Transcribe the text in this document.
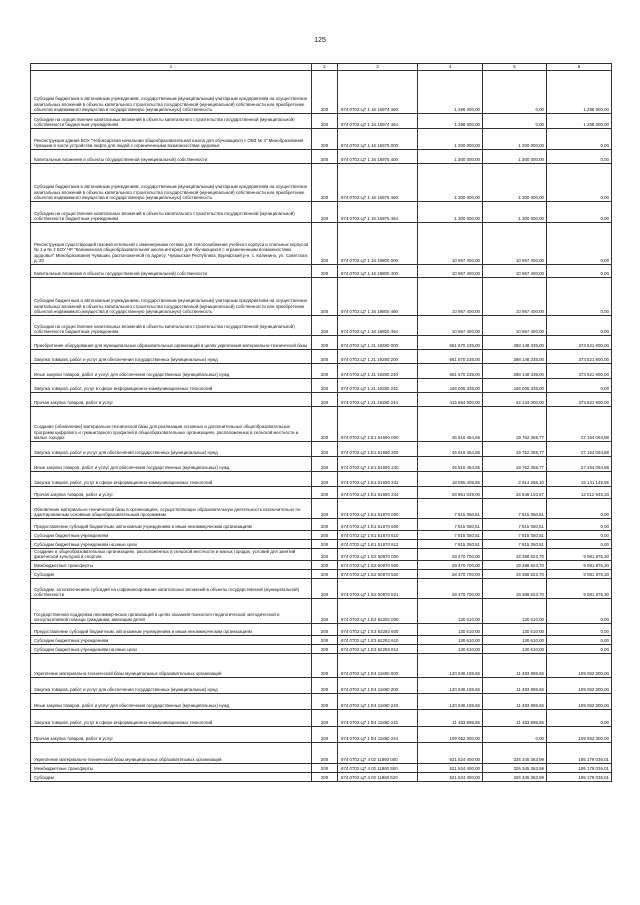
125
1	2	3	4	5	6
Субсидии бюджетным и автономным учреждениям, государственным (муниципальным) унитарным предприятиям на осуществление капитальных вложений в объекты капитального строительства государственной (муниципальной) собственности или приобретение объектов недвижимого имущества в государственную (муниципальную) собственность	200	874 0702 Ц7 1 16 15974 460	1 298 000,00	0,00	1 298 000,00
Субсидии на осуществление капитальных вложений в объекты капитального строительства государственной (муниципальной) собственности бюджетным учреждениям	200	874 0702 Ц7 1 16 15974 464	1 298 000,00	0,00	1 298 000,00
Реконструкция здания БОУ "Чебоксарская начальная общеобразовательная школа для обучающихся с ОВЗ № 3" Минобразования Чувашии в части устройства лифта для людей с ограниченными возможностями здоровья	200	874 0702 Ц7 1 16 15975 000	1 300 000,00	1 300 000,00	0,00
Капитальные вложения в объекты государственной (муниципальной) собственности	200	874 0702 Ц7 1 16 15975 400	1 300 000,00	1 300 000,00	0,00
Субсидии бюджетным и автономным учреждениям, государственным (муниципальным) унитарным предприятиям на осуществление капитальных вложений в объекты капитального строительства государственной (муниципальной) собственности или приобретение объектов недвижимого имущества в государственную (муниципальную) собственность	200	874 0702 Ц7 1 16 15975 460	1 300 000,00	1 300 000,00	0,00
Субсидии на осуществление капитальных вложений в объекты капитального строительства государственной (муниципальной) собственности бюджетным учреждениям	200	874 0702 Ц7 1 16 15975 464	1 300 000,00	1 300 000,00	0,00
Реконструкция существующей газовой котельной с инженерными сетями для теплоснабжения учебного корпуса и спальных корпусов № 1 и № 2 БОУ ЧР "Калининская общеобразовательная школа-интернат для обучающихся с ограниченными возможностями здоровья" Минобразования Чувашии, расположенной по адресу: Чувашская Республика, Вурнарский р-н, с. Калинино, ул. Советская, д. 20	200	874 0702 Ц7 1 16 19800 000	10 967 400,00	10 967 400,00	0,00
Капитальные вложения в объекты государственной (муниципальной) собственности	200	874 0702 Ц7 1 16 19800 400	10 967 400,00	10 967 400,00	0,00
Субсидии бюджетным и автономным учреждениям, государственным (муниципальным) унитарным предприятиям на осуществление капитальных вложений в объекты капитального строительства государственной (муниципальной) собственности или приобретение объектов недвижимого имущества в государственную (муниципальную) собственность	200	874 0702 Ц7 1 16 19800 460	10 967 400,00	10 967 400,00	0,00
Субсидии на осуществление капитальных вложений в объекты капитального строительства государственной (муниципальной) собственности бюджетным учреждениям	200	874 0702 Ц7 1 16 19800 464	10 967 400,00	10 967 400,00	0,00
Приобретение оборудования для муниципальных образовательных организаций в целях укрепления материально-технической базы	200	874 0702 Ц7 1 21 19280 000	661 670 235,00	288 148 335,00	373 521 900,00
Закупка товаров, работ и услуг для обеспечения государственных (муниципальных) нужд	200	874 0702 Ц7 1 21 19280 200	661 670 235,00	288 148 335,00	373 521 900,00
Иные закупки товаров, работ и услуг для обеспечения государственных (муниципальных) нужд	200	874 0702 Ц7 1 21 19280 240	661 670 235,00	288 148 335,00	373 521 900,00
Закупка товаров, работ, услуг в сфере информационно-коммуникационных технологий	200	874 0702 Ц7 1 21 19280 242	246 005 335,00	246 005 335,00	0,00
Прочая закупка товаров, работ и услуг	200	874 0702 Ц7 1 21 19280 244	415 664 900,00	42 143 000,00	373 521 900,00
Создание (обновление) материально-технической базы для реализации основных и дополнительных общеобразовательных программ цифрового и гуманитарного профилей в общеобразовательных организациях, расположенных в сельской местности и малых городах	200	874 0702 Ц7 1 Е1 51690 000	46 916 454,65	19 762 359,77	27 154 094,88
Закупка товаров, работ и услуг для обеспечения государственных (муниципальных) нужд	200	874 0702 Ц7 1 Е1 51690 200	46 916 454,65	19 762 359,77	27 154 094,88
Иные закупки товаров, работ и услуг для обеспечения государственных (муниципальных) нужд	200	874 0702 Ц7 1 Е1 51690 240	46 916 454,65	19 762 359,77	27 154 094,88
Закупка товаров, работ, услуг в сфере информационно-коммуникационных технологий	200	874 0702 Ц7 1 Е1 51690 242	18 055 405,65	2 914 256,10	15 141 149,55
Прочая закупка товаров, работ и услуг	200	874 0702 Ц7 1 Е1 51690 244	28 861 049,00	16 848 103,67	12 012 945,33
Обновление материально-технической базы в организациях, осуществляющих образовательную деятельность исключительно по адаптированным основным общеобразовательным программам	200	874 0702 Ц7 1 Е1 51870 000	7 815 050,51	7 815 050,51	0,00
Предоставление субсидий бюджетным, автономным учреждениям и иным некоммерческим организациям	200	874 0702 Ц7 1 Е1 51870 600	7 815 050,51	7 815 050,51	0,00
Субсидии бюджетным учреждениям	200	874 0702 Ц7 1 Е1 51870 610	7 815 050,51	7 815 050,51	0,00
Субсидии бюджетным учреждениям на иные цели	200	874 0702 Ц7 1 Е1 51870 612	7 815 050,51	7 815 050,51	0,00
Создание в общеобразовательных организациях, расположенных в сельской местности и малых городах, условий для занятий физической культурой и спортом	200	874 0702 Ц7 1 Е2 50970 000	28 470 700,00	19 388 823,70	9 081 876,30
Межбюджетные трансферты	200	874 0702 Ц7 1 Е2 50970 500	28 470 700,00	19 388 823,70	9 081 876,30
Субсидии	200	874 0702 Ц7 1 Е2 50970 520	28 470 700,00	19 388 823,70	9 081 876,30
Субсидии, за исключением субсидий на софинансирование капитальных вложений в объекты государственной (муниципальной) собственности	200	874 0702 Ц7 1 Е2 50970 521	28 470 700,00	19 388 823,70	9 081 876,30
Государственная поддержка некоммерческих организаций в целях оказания психолого-педагогической, методической и консультативной помощи гражданам, имеющим детей	200	874 0702 Ц7 1 Е3 62292 000	130 610,00	130 610,00	0,00
Предоставление субсидий бюджетным, автономным учреждениям и иным некоммерческим организациям	200	874 0702 Ц7 1 Е3 62292 600	130 610,00	130 610,00	0,00
Субсидии бюджетным учреждениям	200	874 0702 Ц7 1 Е3 62292 610	130 610,00	130 610,00	0,00
Субсидии бюджетным учреждениям на иные цели	200	874 0702 Ц7 1 Е3 62292 612	130 610,00	130 610,00	0,00
Укрепление материально-технической базы муниципальных образовательных организаций	200	874 0702 Ц7 1 Е4 11860 000	120 536 195,65	11 483 895,65	109 052 300,00
Закупка товаров, работ и услуг для обеспечения государственных (муниципальных) нужд	200	874 0702 Ц7 1 Е4 11860 200	120 536 195,65	11 483 895,65	109 052 300,00
Иные закупки товаров, работ и услуг для обеспечения государственных (муниципальных) нужд	200	874 0702 Ц7 1 Е4 11860 240	120 536 195,65	11 483 895,65	109 052 300,00
Закупка товаров, работ, услуг в сфере информационно-коммуникационных технологий	200	874 0702 Ц7 1 Е4 11860 242	11 483 895,65	11 483 895,65	0,00
Прочая закупка товаров, работ и услуг	200	874 0702 Ц7 1 Е4 11860 244	109 052 300,00	0,00	109 052 300,00
Укрепление материально-технической базы муниципальных образовательных организаций	200	874 0702 Ц7 4 02 11860 000	521 524 400,00	326 345 363,99	195 179 036,01
Межбюджетные трансферты	200	874 0702 Ц7 4 02 11860 500	521 524 400,00	326 345 363,99	195 179 036,01
Субсидии	200	874 0702 Ц7 4 02 11860 520	521 524 400,00	326 345 363,99	195 179 036,01
